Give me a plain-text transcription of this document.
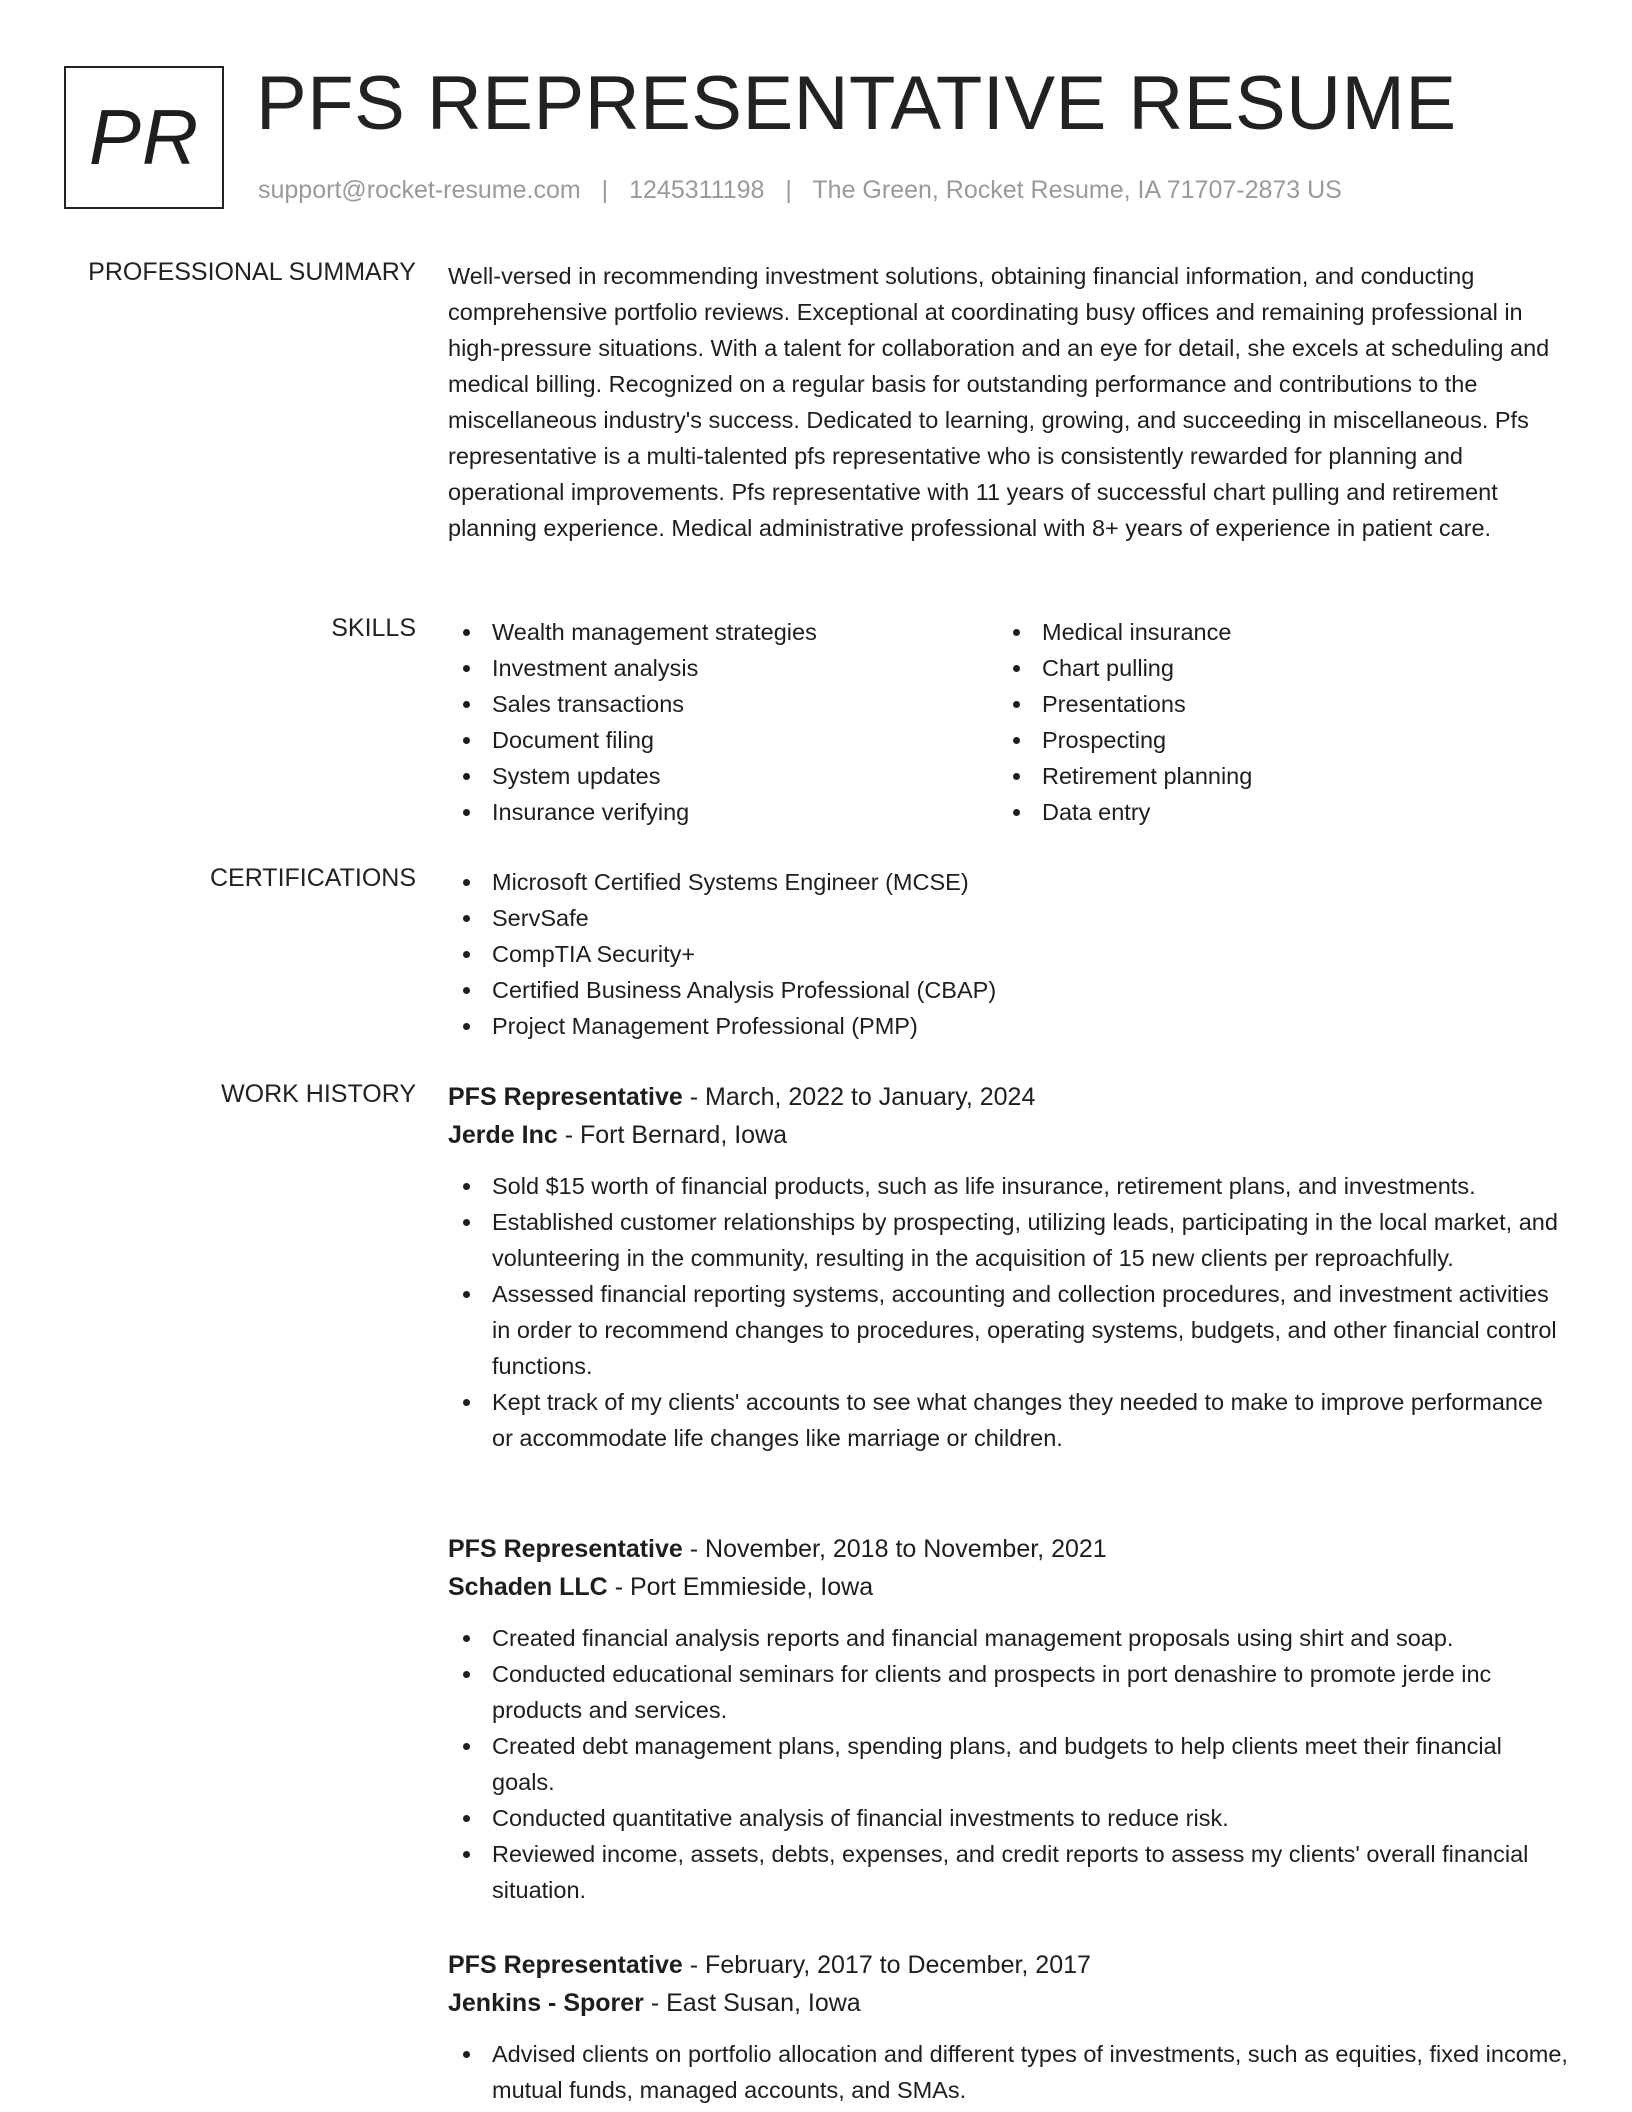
PR PFS REPRESENTATIVE RESUME
support@rocket-resume.com | 1245311198 | The Green, Rocket Resume, IA 71707-2873 US
PROFESSIONAL SUMMARY Well-versed in recommending investment solutions, obtaining financial information, and conducting comprehensive portfolio reviews. Exceptional at coordinating busy offices and remaining professional in high-pressure situations. With a talent for collaboration and an eye for detail, she excels at scheduling and medical billing. Recognized on a regular basis for outstanding performance and contributions to the miscellaneous industry's success. Dedicated to learning, growing, and succeeding in miscellaneous. Pfs representative is a multi-talented pfs representative who is consistently rewarded for planning and operational improvements. Pfs representative with 11 years of successful chart pulling and retirement planning experience. Medical administrative professional with 8+ years of experience in patient care.
SKILLS	Wealth management strategies
Investment analysis
Sales transactions
Document filing
System updates
Insurance verifying
Medical insurance
Chart pulling
Presentations
Prospecting
Retirement planning
Data entry
CERTIFICATIONS	Microsoft Certified Systems Engineer (MCSE)
ServSafe
CompTIA Security+
Certified Business Analysis Professional (CBAP)
Project Management Professional (PMP)
WORK HISTORY PFS Representative - March, 2022 to January, 2024
Jerde Inc - Fort Bernard, Iowa
Sold $15 worth of financial products, such as life insurance, retirement plans, and investments.
Established customer relationships by prospecting, utilizing leads, participating in the local market, and volunteering in the community, resulting in the acquisition of 15 new clients per reproachfully.
Assessed financial reporting systems, accounting and collection procedures, and investment activities in order to recommend changes to procedures, operating systems, budgets, and other financial control functions.
Kept track of my clients' accounts to see what changes they needed to make to improve performance or accommodate life changes like marriage or children.
PFS Representative - November, 2018 to November, 2021
Schaden LLC - Port Emmieside, Iowa
Created financial analysis reports and financial management proposals using shirt and soap.
Conducted educational seminars for clients and prospects in port denashire to promote jerde inc products and services.
Created debt management plans, spending plans, and budgets to help clients meet their financial goals.
Conducted quantitative analysis of financial investments to reduce risk.
Reviewed income, assets, debts, expenses, and credit reports to assess my clients' overall financial situation.
PFS Representative - February, 2017 to December, 2017
Jenkins - Sporer - East Susan, Iowa
Advised clients on portfolio allocation and different types of investments, such as equities, fixed income, mutual funds, managed accounts, and SMAs.
